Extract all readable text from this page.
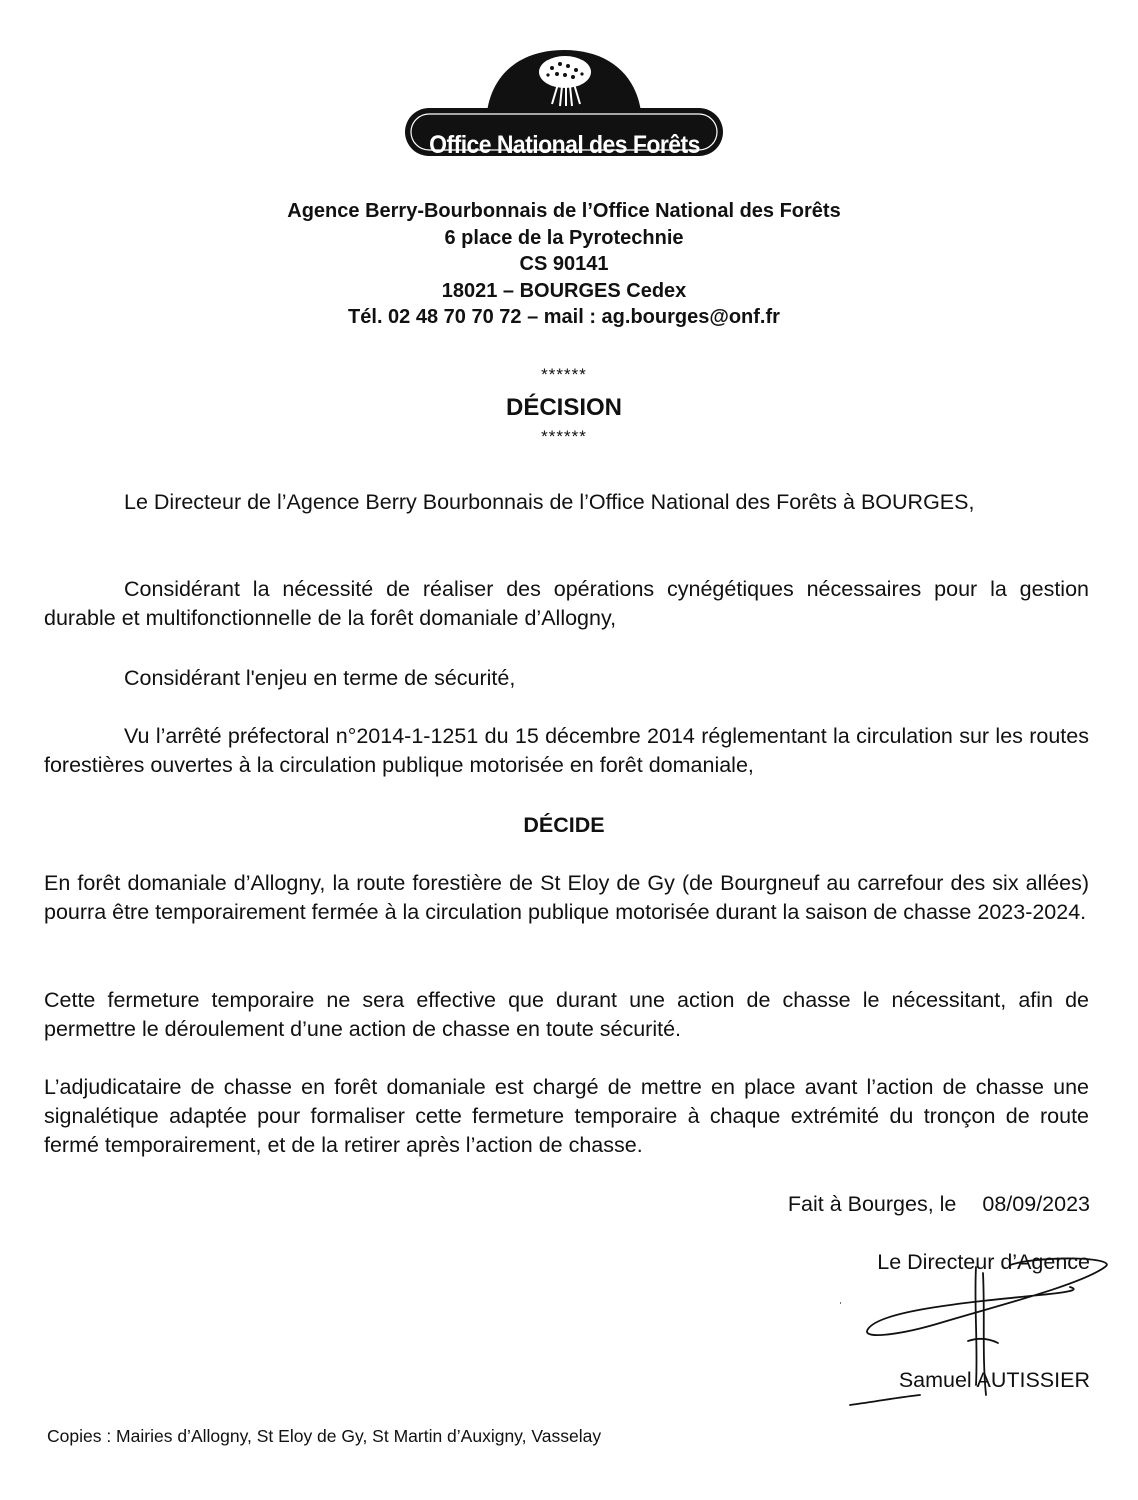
Office National des Forêts
Agence Berry-Bourbonnais de l’Office National des Forêts
6 place de la Pyrotechnie
CS 90141
18021 – BOURGES Cedex
Tél. 02 48 70 70 72 – mail : ag.bourges@onf.fr
******
DÉCISION
******
Le Directeur de l’Agence Berry Bourbonnais de l’Office National des Forêts à BOURGES,
Considérant la nécessité de réaliser des opérations cynégétiques nécessaires pour la gestion durable et multifonctionnelle de la forêt domaniale d’Allogny,
Considérant l'enjeu en terme de sécurité,
Vu l’arrêté préfectoral n°2014-1-1251 du 15 décembre 2014 réglementant la circulation sur les routes forestières ouvertes à la circulation publique motorisée en forêt domaniale,
DÉCIDE
En forêt domaniale d’Allogny, la route forestière de St Eloy de Gy (de Bourgneuf au carrefour des six allées) pourra être temporairement fermée à la circulation publique motorisée durant la saison de chasse 2023-2024.
Cette fermeture temporaire ne sera effective que durant une action de chasse le nécessitant, afin de permettre le déroulement d’une action de chasse en toute sécurité.
L’adjudicataire de chasse en forêt domaniale est chargé de mettre en place avant l’action de chasse une signalétique adaptée pour formaliser cette fermeture temporaire à chaque extrémité du tronçon de route fermé temporairement, et de la retirer après l’action de chasse.
Fait à Bourges, le 08/09/2023
Le Directeur d’Agence
Samuel AUTISSIER
Copies : Mairies d’Allogny, St Eloy de Gy, St Martin d’Auxigny, Vasselay
